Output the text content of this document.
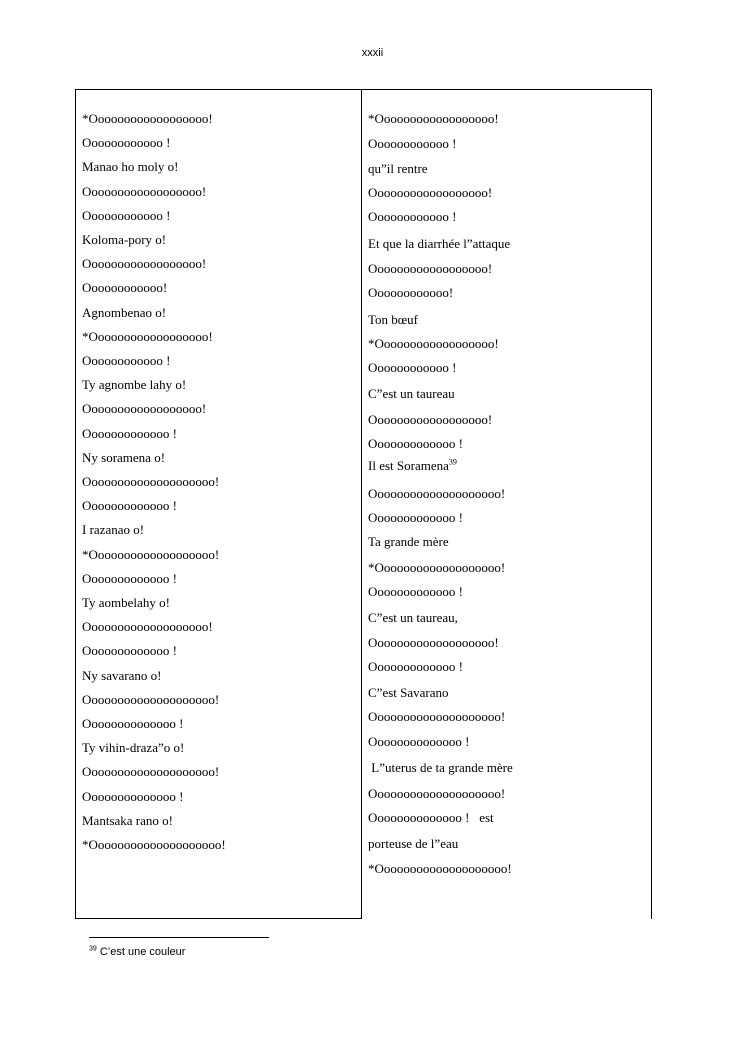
xxxii
*Oooooooooooooooooo!
Oooooooooooo !
Manao ho moly o!
Oooooooooooooooooo!
Oooooooooooo !
Koloma-pory o!
Oooooooooooooooooo!
Oooooooooooo!
Agnombenao o!
*Oooooooooooooooooo!
Oooooooooooo !
Ty agnombe lahy o!
Oooooooooooooooooo!
Ooooooooooooo !
Ny soramena o!
Oooooooooooooooooooo!
Ooooooooooooo !
I razanao o!
*Ooooooooooooooooooo!
Ooooooooooooo !
Ty aombelahy o!
Ooooooooooooooooooo!
Ooooooooooooo !
Ny savarano o!
Oooooooooooooooooooo!
Oooooooooooooo !
Ty vihin-draza”o o!
Oooooooooooooooooooo!
Oooooooooooooo !
Mantsaka rano o!
*Oooooooooooooooooooo!
*Oooooooooooooooooo!
Oooooooooooo !
qu”il rentre
Oooooooooooooooooo!
Oooooooooooo !
Et que la diarrhée l”attaque
Oooooooooooooooooo!
Oooooooooooo!
Ton bœuf
*Oooooooooooooooooo!
Oooooooooooo !
C”est un taureau
Oooooooooooooooooo!
Ooooooooooooo !
Il est Soramena$^{39}$
Oooooooooooooooooooo!
Ooooooooooooo !
Ta grande mère
*Ooooooooooooooooooo!
Ooooooooooooo !
C”est un taureau,
Ooooooooooooooooooo!
Ooooooooooooo !
C”est Savarano
Oooooooooooooooooooo!
Oooooooooooooo !
L”uterus de ta grande mère
Oooooooooooooooooooo!
Oooooooooooooo !   est
porteuse de l”eau
*Oooooooooooooooooooo!
$^{39}$ C’est une couleur
